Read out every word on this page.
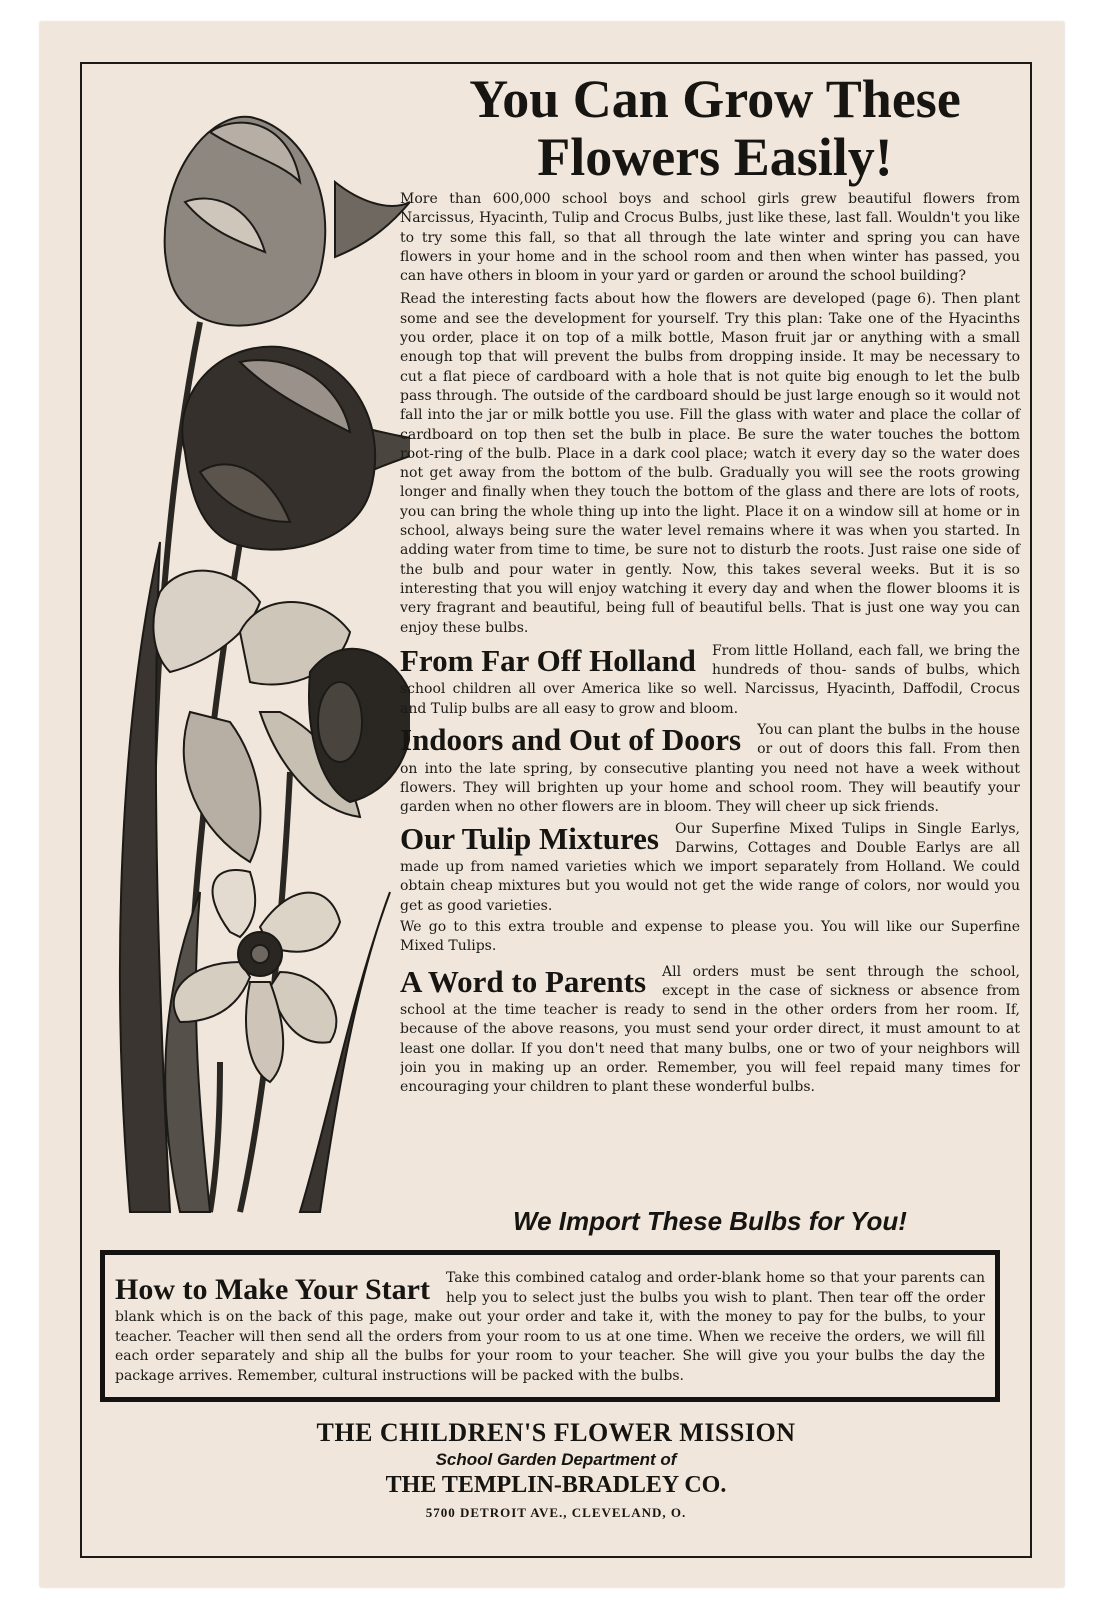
You Can Grow These Flowers Easily!

More than 600,000 school boys and school girls grew beautiful flowers from Narcissus, Hyacinth, Tulip and Crocus Bulbs, just like these, last fall. Wouldn't you like to try some this fall, so that all through the late winter and spring you can have flowers in your home and in the school room and then when winter has passed, you can have others in bloom in your yard or garden or around the school building?

Read the interesting facts about how the flowers are developed (page 6). Then plant some and see the development for yourself. Try this plan: Take one of the Hyacinths you order, place it on top of a milk bottle, Mason fruit jar or anything with a small enough top that will prevent the bulbs from dropping inside. It may be necessary to cut a flat piece of cardboard with a hole that is not quite big enough to let the bulb pass through. The outside of the cardboard should be just large enough so it would not fall into the jar or milk bottle you use. Fill the glass with water and place the collar of cardboard on top then set the bulb in place. Be sure the water touches the bottom root-ring of the bulb. Place in a dark cool place; watch it every day so the water does not get away from the bottom of the bulb. Gradually you will see the roots growing longer and finally when they touch the bottom of the glass and there are lots of roots, you can bring the whole thing up into the light. Place it on a window sill at home or in school, always being sure the water level remains where it was when you started. In adding water from time to time, be sure not to disturb the roots. Just raise one side of the bulb and pour water in gently. Now, this takes several weeks. But it is so interesting that you will enjoy watching it every day and when the flower blooms it is very fragrant and beautiful, being full of beautiful bells. That is just one way you can enjoy these bulbs.

From Far Off Holland From little Holland, each fall, we bring the hundreds of thou- sands of bulbs, which school children all over America like so well. Narcissus, Hyacinth, Daffodil, Crocus and Tulip bulbs are all easy to grow and bloom.
Indoors and Out of Doors You can plant the bulbs in the house or out of doors this fall. From then on into the late spring, by consecutive planting you need not have a week without flowers. They will brighten up your home and school room. They will beautify your garden when no other flowers are in bloom. They will cheer up sick friends.
Our Tulip Mixtures Our Superfine Mixed Tulips in Single Earlys, Darwins, Cottages and Double Earlys are all made up from named varieties which we import separately from Holland. We could obtain cheap mixtures but you would not get the wide range of colors, nor would you get as good varieties.

We go to this extra trouble and expense to please you. You will like our Superfine Mixed Tulips.

A Word to Parents All orders must be sent through the school, except in the case of sickness or absence from school at the time teacher is ready to send in the other orders from her room. If, because of the above reasons, you must send your order direct, it must amount to at least one dollar. If you don't need that many bulbs, one or two of your neighbors will join you in making up an order. Remember, you will feel repaid many times for encouraging your children to plant these wonderful bulbs.
We Import These Bulbs for You!
How to Make Your Start Take this combined catalog and order-blank home so that your parents can help you to select just the bulbs you wish to plant. Then tear off the order blank which is on the back of this page, make out your order and take it, with the money to pay for the bulbs, to your teacher. Teacher will then send all the orders from your room to us at one time. When we receive the orders, we will fill each order separately and ship all the bulbs for your room to your teacher. She will give you your bulbs the day the package arrives. Remember, cultural instructions will be packed with the bulbs.
THE CHILDREN'S FLOWER MISSION
School Garden Department of
THE TEMPLIN-BRADLEY CO.
5700 DETROIT AVE., CLEVELAND, O.
